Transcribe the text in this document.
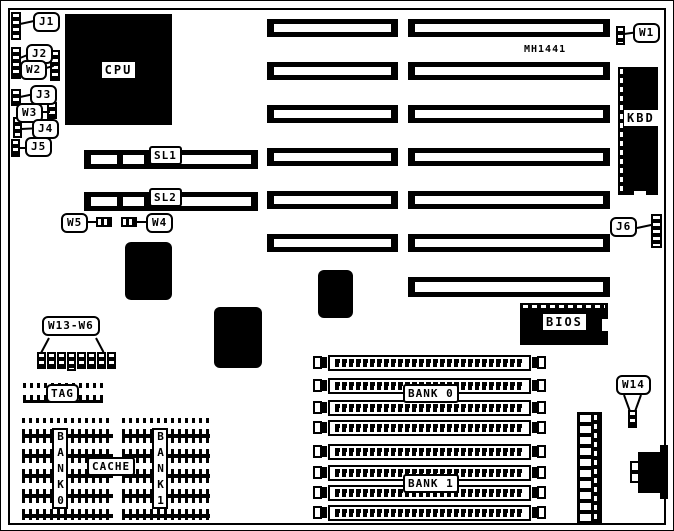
MH1441
CPU
SL1
SL2
KBD
BIOS
TAG
BANK0	BANK1
CACHE
BANK 0
BANK 1
J1
J2
W2
J3
W3
J4
J5
W1
W5	W4	J6
W13-W6
W14
